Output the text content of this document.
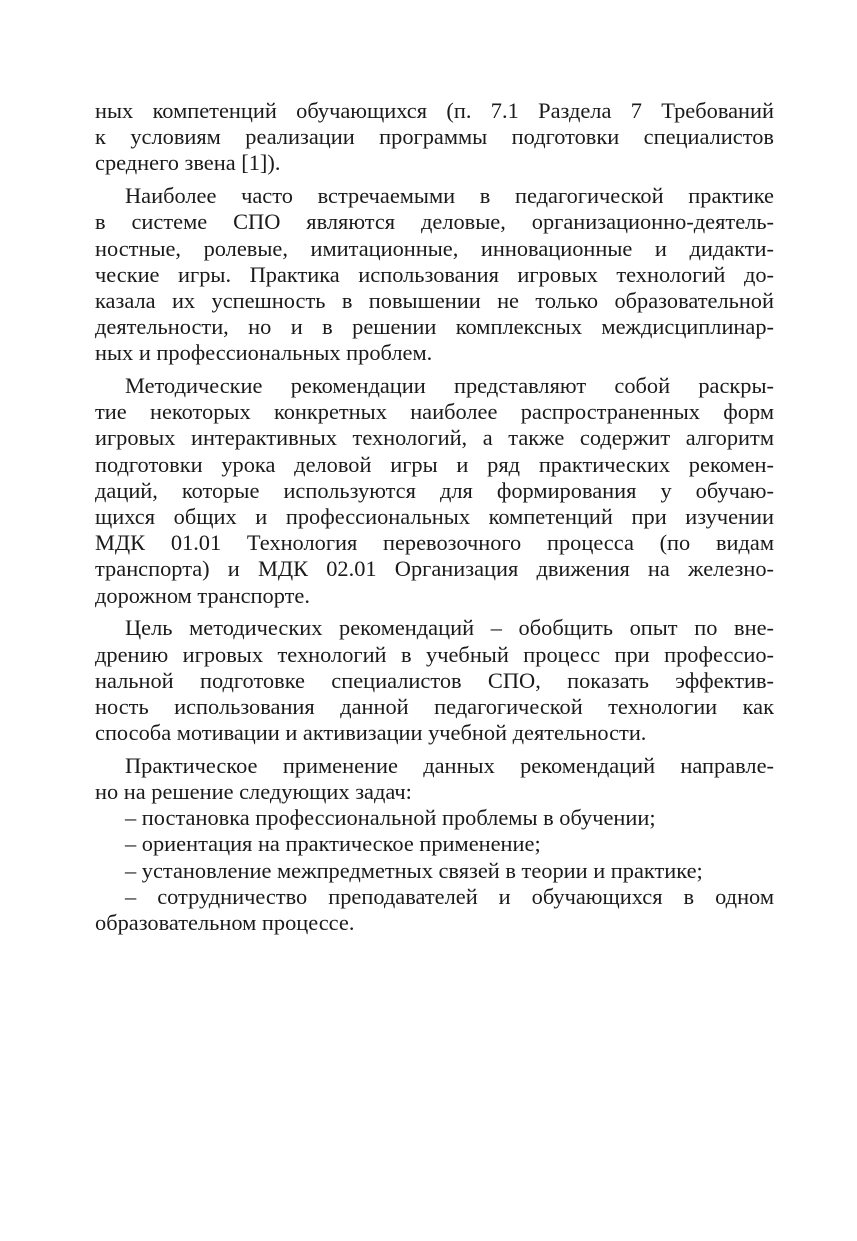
ных компетенций обучающихся (п. 7.1 Раздела 7 Требований
к условиям реализации программы подготовки специалистов
среднего звена [1]).
Наиболее часто встречаемыми в педагогической практике
в системе СПО являются деловые, организационно-деятель-
ностные, ролевые, имитационные, инновационные и дидакти-
ческие игры. Практика использования игровых технологий до-
казала их успешность в повышении не только образовательной
деятельности, но и в решении комплексных междисциплинар-
ных и профессиональных проблем.
Методические рекомендации представляют собой раскры-
тие некоторых конкретных наиболее распространенных форм
игровых интерактивных технологий, а также содержит алгоритм
подготовки урока деловой игры и ряд практических рекомен-
даций, которые используются для формирования у обучаю-
щихся общих и профессиональных компетенций при изучении
МДК 01.01 Технология перевозочного процесса (по видам
транспорта) и МДК 02.01 Организация движения на железно-
дорожном транспорте.
Цель методических рекомендаций – обобщить опыт по вне-
дрению игровых технологий в учебный процесс при профессио-
нальной подготовке специалистов СПО, показать эффектив-
ность использования данной педагогической технологии как
способа мотивации и активизации учебной деятельности.
Практическое применение данных рекомендаций направле-
но на решение следующих задач:
– постановка профессиональной проблемы в обучении;
– ориентация на практическое применение;
– установление межпредметных связей в теории и практике;
– сотрудничество преподавателей и обучающихся в одном
образовательном процессе.
